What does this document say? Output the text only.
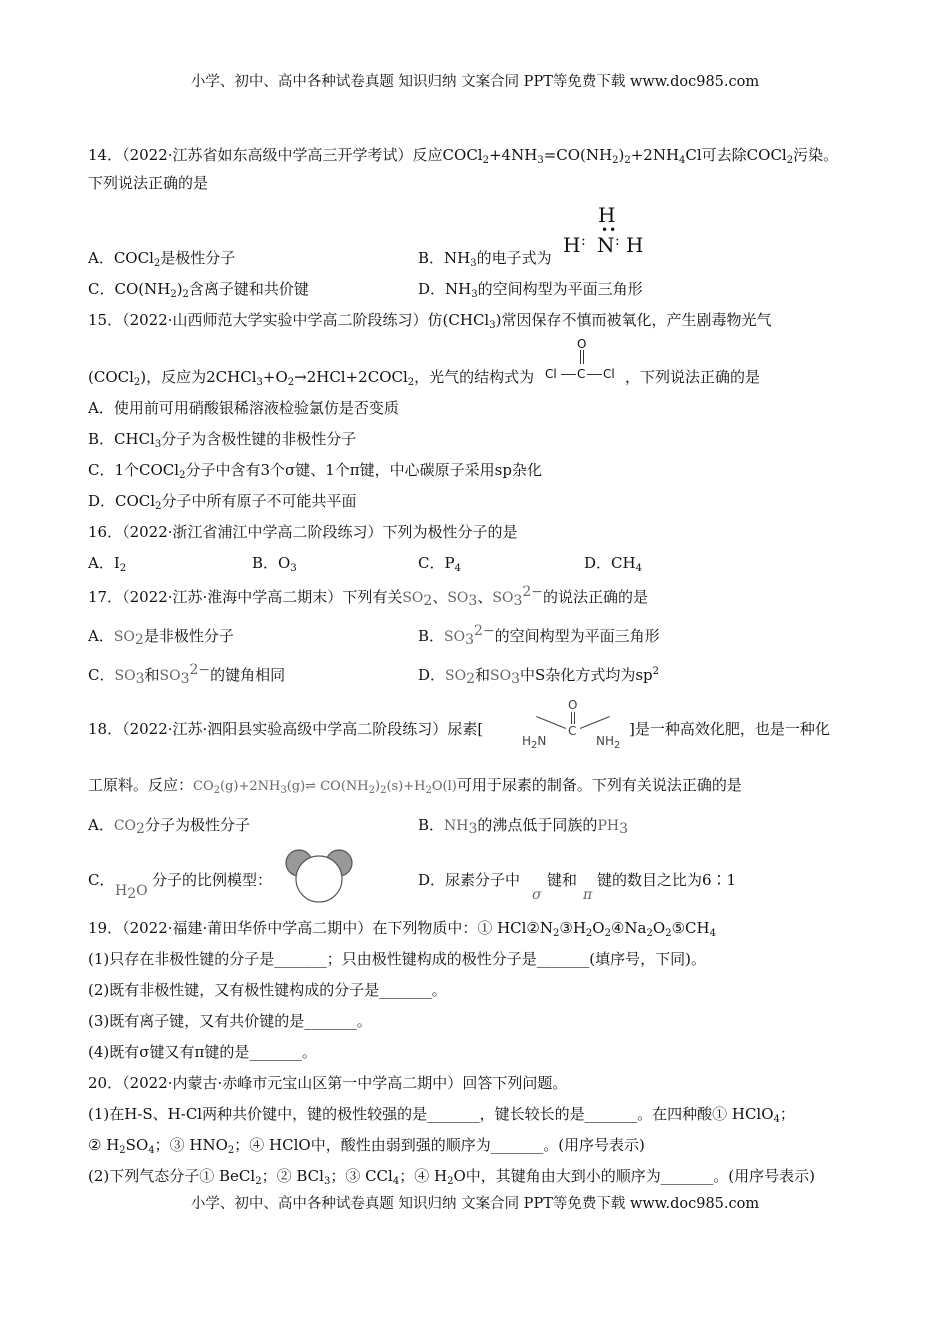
小学、初中、高中各种试卷真题 知识归纳 文案合同 PPT等免费下载 www.doc985.com
14．（2022·江苏省如东高级中学高三开学考试）反应$COCl_2+4NH_3=CO(NH_2)_2+2NH_4Cl$可去除COCl$_2$污染。
下列说法正确的是
A．COCl$_2$是极性分子	B．$NH_3$的电子式为
H
••
H : N : H
C．$CO(NH_2)_2$含离子键和共价键	D．$NH_3$的空间构型为平面三角形
15．（2022·山西师范大学实验中学高二阶段练习）仿(CHCl$_3$)常因保存不慎而被氧化，产生剧毒物光气
(COCl$_2$)，反应为$2CHCl_3+O_2\to 2HCl+2COCl_2$，光气的结构式为
O
Cl C Cl ，下列说法正确的是
A．使用前可用硝酸银稀溶液检验氯仿是否变质
B．CHCl$_3$分子为含极性键的非极性分子
C．1个COCl$_2$分子中含有3个σ键、1个π键，中心碳原子采用sp杂化
D．COCl$_2$分子中所有原子不可能共平面
16．（2022·浙江省浦江中学高二阶段练习）下列为极性分子的是
A．$I_2$	B．$O_3$	C．$P_4$	D．$CH_4$
17．（2022·江苏·淮海中学高二期末）下列有关$SO_2$、$SO_3$、$SO_3^{2-}$的说法正确的是
A．$SO_2$是非极性分子	B．$SO_3^{2-}$的空间构型为平面三角形
C．$SO_3$和$SO_3^{2-}$的键角相同	D．$SO_2$和$SO_3$中S杂化方式均为$sp^2$
18．（2022·江苏·泗阳县实验高级中学高二阶段练习）尿素[
O
C
$H_2N$	$NH_2$
]是一种高效化肥，也是一种化
工原料。反应：$CO_2(g)+2NH_3(g)\rightleftharpoons$ $CO(NH_2)_2(s)+H_2O(l)$可用于尿素的制备。下列有关说法正确的是
A．$CO_2$分子为极性分子	B．$NH_3$的沸点低于同族的$PH_3$
C．
$H_2O$
分子的比例模型：	D．尿素分子中
σ
键和
π
键的数目之比为6∶1
19．（2022·福建·莆田华侨中学高二期中）在下列物质中：① $HCl②N_2③H_2O_2④Na_2O_2⑤CH_4$
(1)只存在非极性键的分子是_______；只由极性键构成的极性分子是_______(填序号，下同)。
(2)既有非极性键，又有极性键构成的分子是_______。
(3)既有离子键，又有共价键的是_______。
(4)既有σ键又有π键的是_______。
20．（2022·内蒙古·赤峰市元宝山区第一中学高二期中）回答下列问题。
(1)在H-S、H-Cl两种共价键中，键的极性较强的是_______，键长较长的是_______。在四种酸① HClO$_4$；
② $H_2SO_4$；③ $HNO_2$；④ HClO中，酸性由弱到强的顺序为_______。(用序号表示)
(2)下列气态分子① BeCl$_2$；② BCl$_3$；③ CCl$_4$；④ $H_2O$中，其键角由大到小的顺序为_______。(用序号表示)
小学、初中、高中各种试卷真题 知识归纳 文案合同 PPT等免费下载 www.doc985.com
